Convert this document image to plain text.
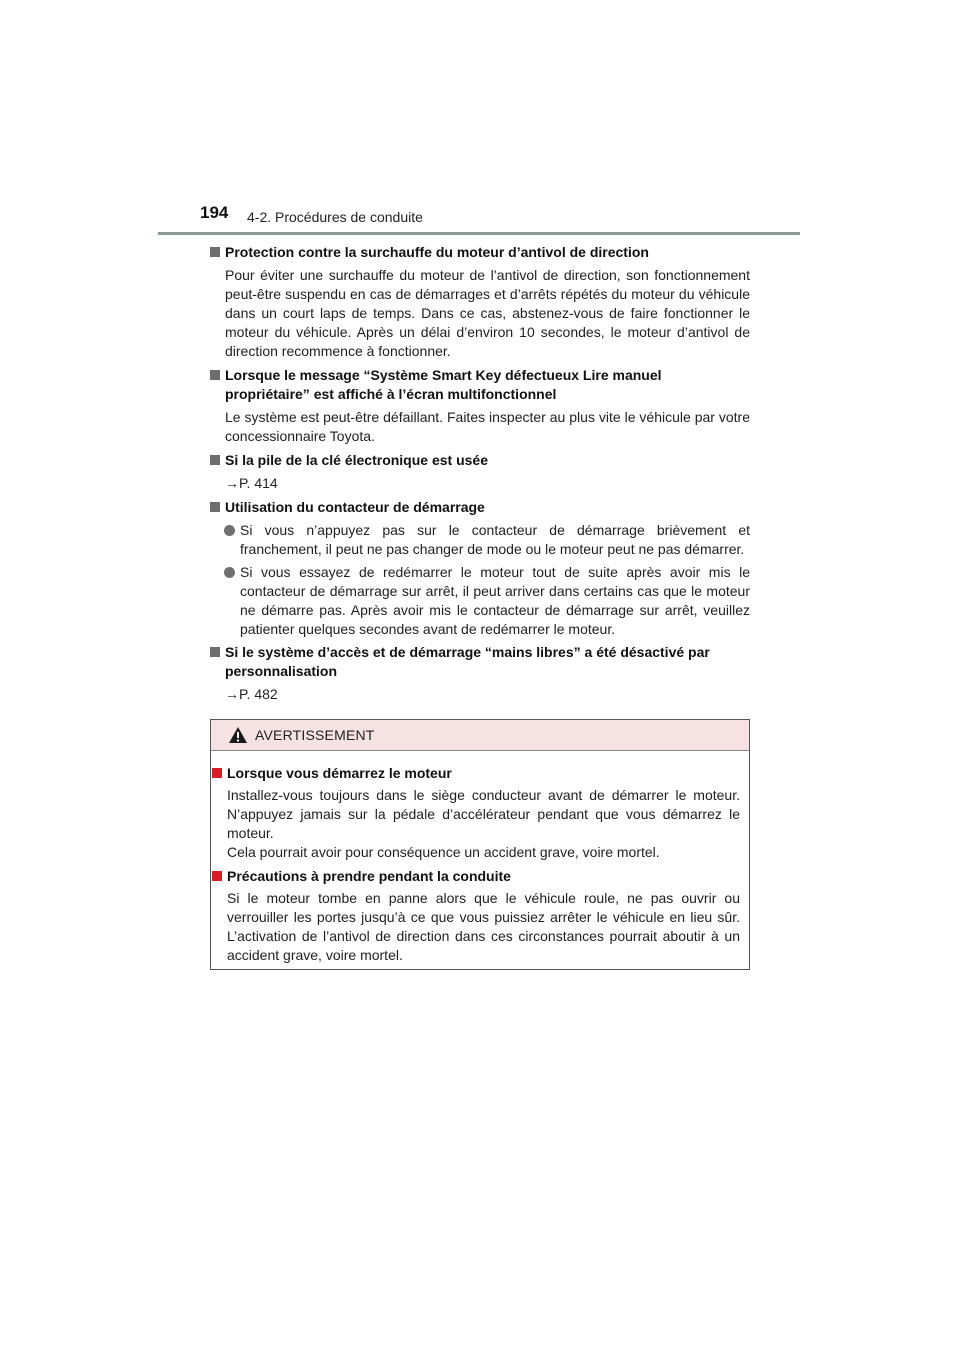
194 4-2. Procédures de conduite
Protection contre la surchauffe du moteur d’antivol de direction
Pour éviter une surchauffe du moteur de l’antivol de direction, son fonctionnement peut-être suspendu en cas de démarrages et d’arrêts répétés du moteur du véhicule dans un court laps de temps. Dans ce cas, abstenez-vous de faire fonctionner le moteur du véhicule. Après un délai d’environ 10 secondes, le moteur d’antivol de direction recommence à fonctionner.
Lorsque le message “Système Smart Key défectueux Lire manuel propriétaire” est affiché à l’écran multifonctionnel
Le système est peut-être défaillant. Faites inspecter au plus vite le véhicule par votre concessionnaire Toyota.
Si la pile de la clé électronique est usée
→P. 414
Utilisation du contacteur de démarrage
Si vous n’appuyez pas sur le contacteur de démarrage brièvement et franchement, il peut ne pas changer de mode ou le moteur peut ne pas démarrer.
Si vous essayez de redémarrer le moteur tout de suite après avoir mis le contacteur de démarrage sur arrêt, il peut arriver dans certains cas que le moteur ne démarre pas. Après avoir mis le contacteur de démarrage sur arrêt, veuillez patienter quelques secondes avant de redémarrer le moteur.
Si le système d’accès et de démarrage “mains libres” a été désactivé par personnalisation
→P. 482
AVERTISSEMENT
Lorsque vous démarrez le moteur
Installez-vous toujours dans le siège conducteur avant de démarrer le moteur. N’appuyez jamais sur la pédale d’accélérateur pendant que vous démarrez le moteur.
Cela pourrait avoir pour conséquence un accident grave, voire mortel.
Précautions à prendre pendant la conduite
Si le moteur tombe en panne alors que le véhicule roule, ne pas ouvrir ou verrouiller les portes jusqu’à ce que vous puissiez arrêter le véhicule en lieu sûr. L’activation de l’antivol de direction dans ces circonstances pourrait aboutir à un accident grave, voire mortel.
